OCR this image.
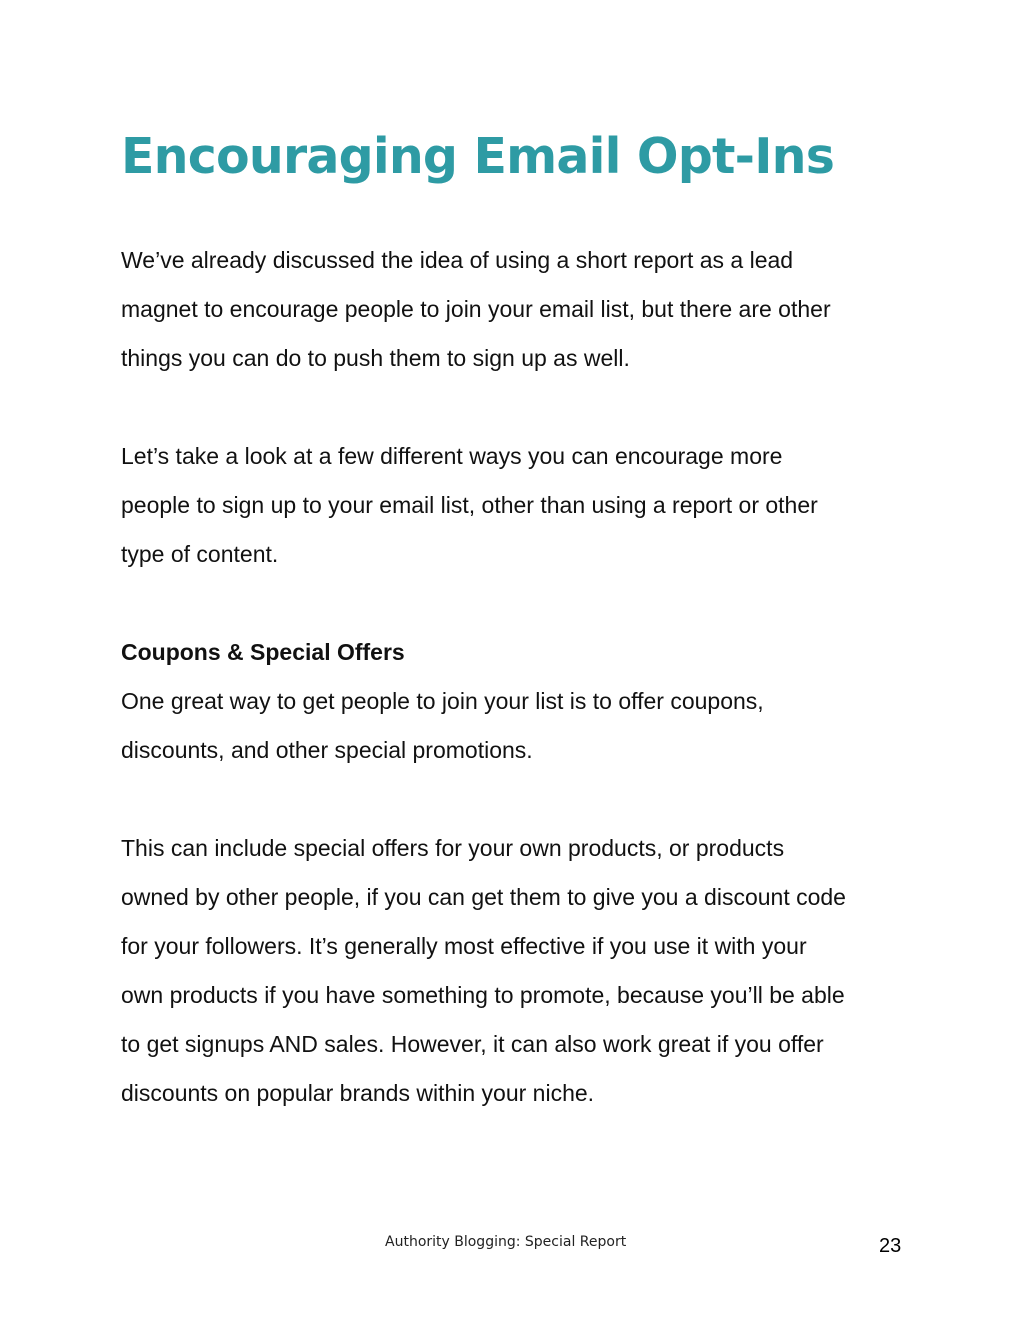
Encouraging Email Opt-Ins

We’ve already discussed the idea of using a short report as a lead

magnet to encourage people to join your email list, but there are other

things you can do to push them to sign up as well.

Let’s take a look at a few different ways you can encourage more

people to sign up to your email list, other than using a report or other

type of content.

Coupons & Special Offers

One great way to get people to join your list is to offer coupons,

discounts, and other special promotions.

This can include special offers for your own products, or products

owned by other people, if you can get them to give you a discount code

for your followers. It’s generally most effective if you use it with your

own products if you have something to promote, because you’ll be able

to get signups AND sales. However, it can also work great if you offer

discounts on popular brands within your niche.

Authority Blogging: Special Report	23
